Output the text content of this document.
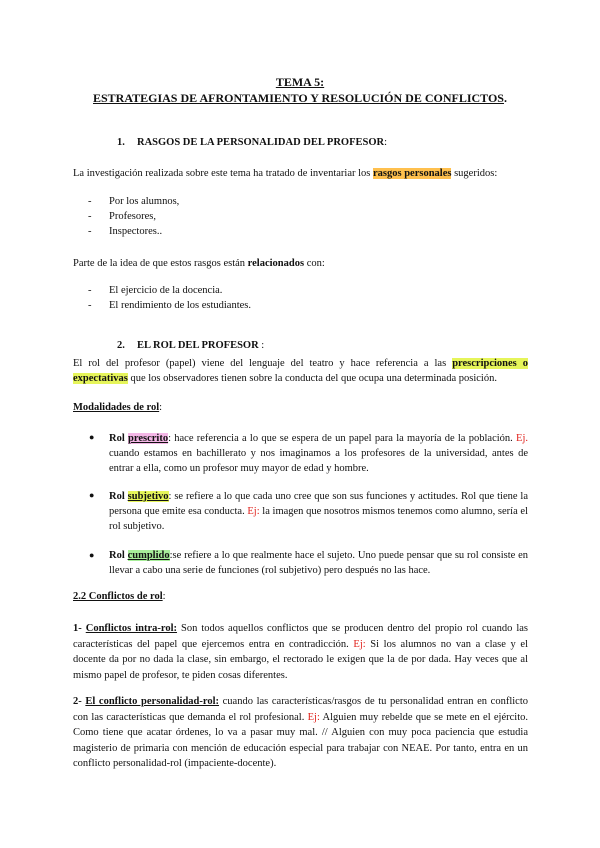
TEMA 5:
ESTRATEGIAS DE AFRONTAMIENTO Y RESOLUCIÓN DE CONFLICTOS.
1. RASGOS DE LA PERSONALIDAD DEL PROFESOR:
La investigación realizada sobre este tema ha tratado de inventariar los rasgos personales sugeridos:
- Por los alumnos,
- Profesores,
- Inspectores..
Parte de la idea de que estos rasgos están relacionados con:
- El ejercicio de la docencia.
- El rendimiento de los estudiantes.
2. EL ROL DEL PROFESOR :
El rol del profesor (papel) viene del lenguaje del teatro y hace referencia a las prescripciones o expectativas que los observadores tienen sobre la conducta del que ocupa una determinada posición.
Modalidades de rol:
● Rol prescrito: hace referencia a lo que se espera de un papel para la mayoría de la población. Ej. cuando estamos en bachillerato y nos imaginamos a los profesores de la universidad, antes de entrar a ella, como un profesor muy mayor de edad y hombre.
● Rol subjetivo: se refiere a lo que cada uno cree que son sus funciones y actitudes. Rol que tiene la persona que emite esa conducta. Ej: la imagen que nosotros mismos tenemos como alumno, sería el rol subjetivo.
● Rol cumplido:se refiere a lo que realmente hace el sujeto. Uno puede pensar que su rol consiste en llevar a cabo una serie de funciones (rol subjetivo) pero después no las hace.
2.2 Conflictos de rol:
1- Conflictos intra-rol: Son todos aquellos conflictos que se producen dentro del propio rol cuando las características del papel que ejercemos entra en contradicción. Ej: Si los alumnos no van a clase y el docente da por no dada la clase, sin embargo, el rectorado le exigen que la de por dada. Hay veces que al mismo papel de profesor, te piden cosas diferentes.
2- El conflicto personalidad-rol: cuando las características/rasgos de tu personalidad entran en conflicto con las características que demanda el rol profesional. Ej: Alguien muy rebelde que se mete en el ejército. Como tiene que acatar órdenes, lo va a pasar muy mal. // Alguien con muy poca paciencia que estudia magisterio de primaria con mención de educación especial para trabajar con NEAE. Por tanto, entra en un conflicto personalidad-rol (impaciente-docente).
